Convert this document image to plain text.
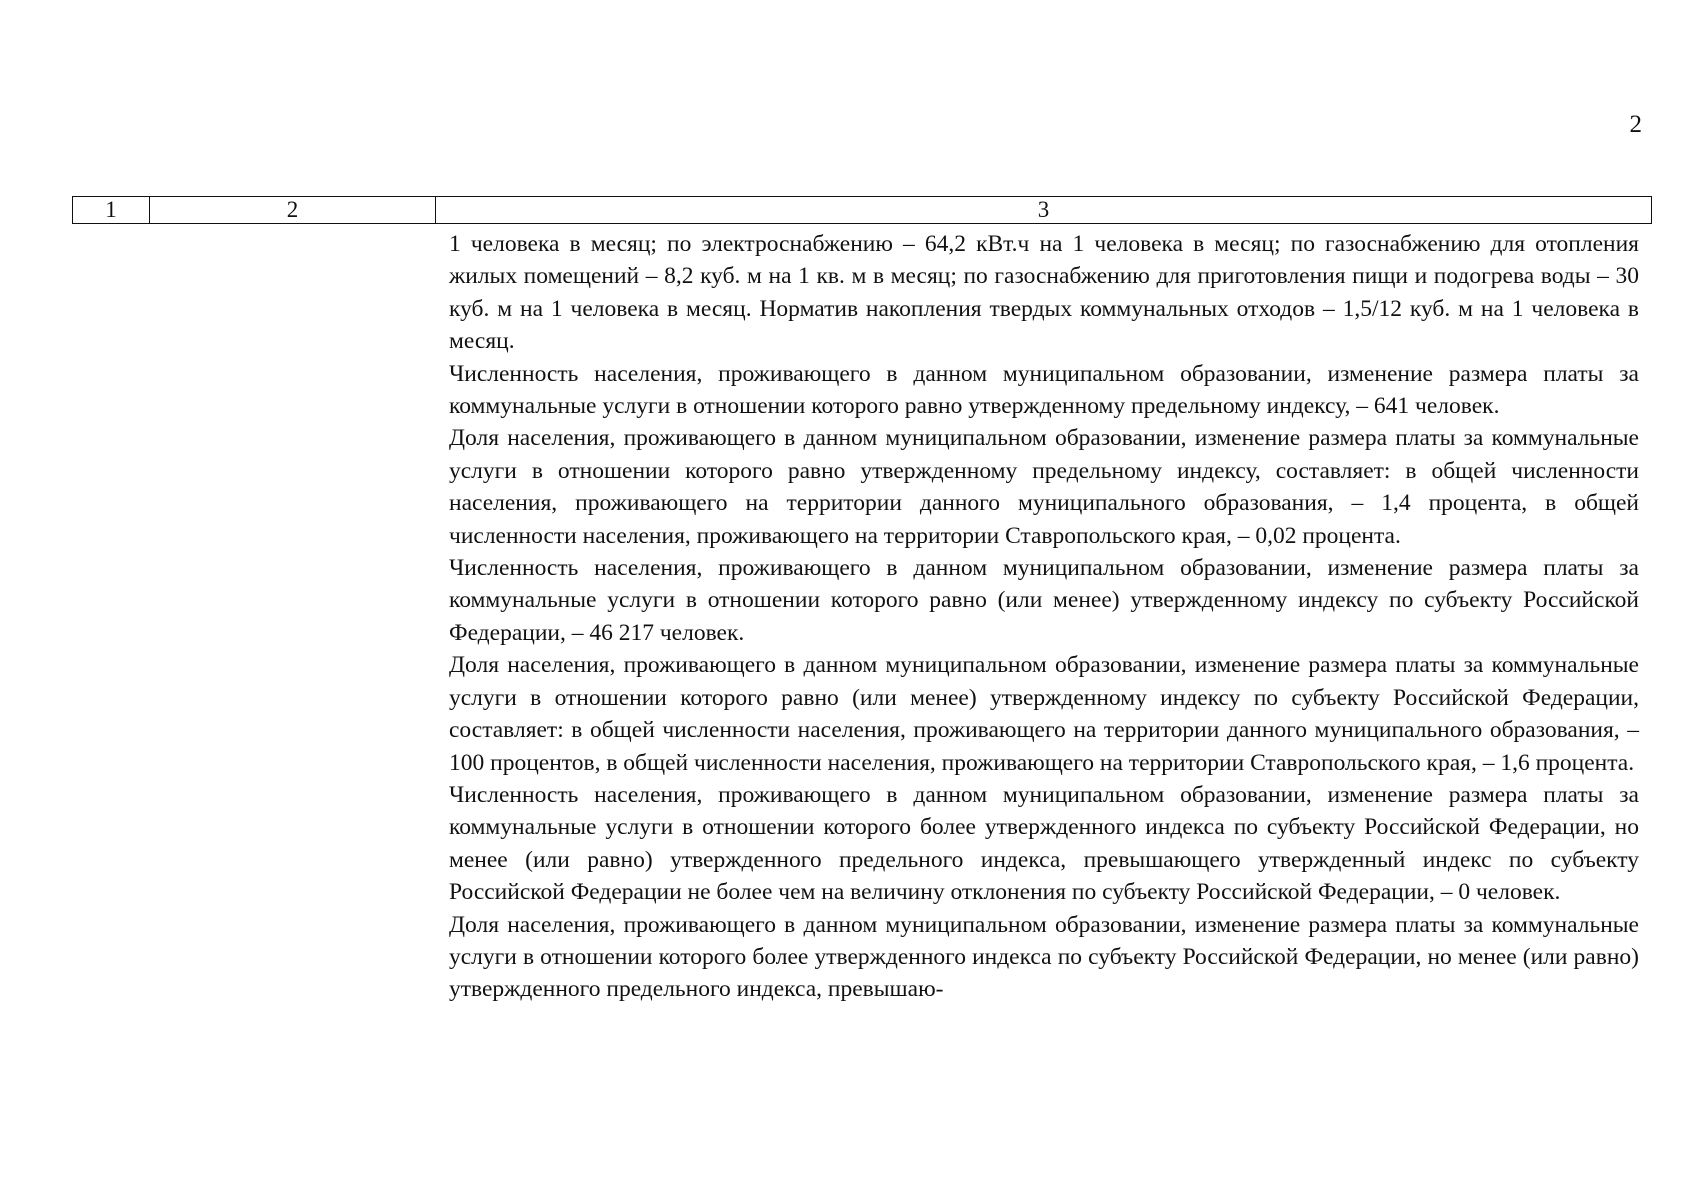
2
1	2	3

1 человека в месяц; по электроснабжению – 64,2 кВт.ч на 1 человека в месяц; по газоснабжению для отопления жилых помещений – 8,2 куб. м на 1 кв. м в месяц; по газоснабжению для приготовления пищи и подогрева воды – 30 куб. м на 1 человека в месяц. Норматив накопления твердых коммунальных отходов – 1,5/12 куб. м на 1 человека в месяц.

Численность населения, проживающего в данном муниципальном образовании, изменение размера платы за коммунальные услуги в отношении которого равно утвержденному предельному индексу, – 641 человек.

Доля населения, проживающего в данном муниципальном образовании, изменение размера платы за коммунальные услуги в отношении которого равно утвержденному предельному индексу, составляет: в общей численности населения, проживающего на территории данного муниципального образования, – 1,4 процента, в общей численности населения, проживающего на территории Ставропольского края, – 0,02 процента.

Численность населения, проживающего в данном муниципальном образовании, изменение размера платы за коммунальные услуги в отношении которого равно (или менее) утвержденному индексу по субъекту Российской Федерации, – 46 217 человек.

Доля населения, проживающего в данном муниципальном образовании, изменение размера платы за коммунальные услуги в отношении которого равно (или менее) утвержденному индексу по субъекту Российской Федерации, составляет: в общей численности населения, проживающего на территории данного муниципального образования, – 100 процентов, в общей численности населения, проживающего на территории Ставропольского края, – 1,6 процента.

Численность населения, проживающего в данном муниципальном образовании, изменение размера платы за коммунальные услуги в отношении которого более утвержденного индекса по субъекту Российской Федерации, но менее (или равно) утвержденного предельного индекса, превышающего утвержденный индекс по субъекту Российской Федерации не более чем на величину отклонения по субъекту Российской Федерации, – 0 человек.

Доля населения, проживающего в данном муниципальном образовании, изменение размера платы за коммунальные услуги в отношении которого более утвержденного индекса по субъекту Российской Федерации, но менее (или равно) утвержденного предельного индекса, превышаю-
